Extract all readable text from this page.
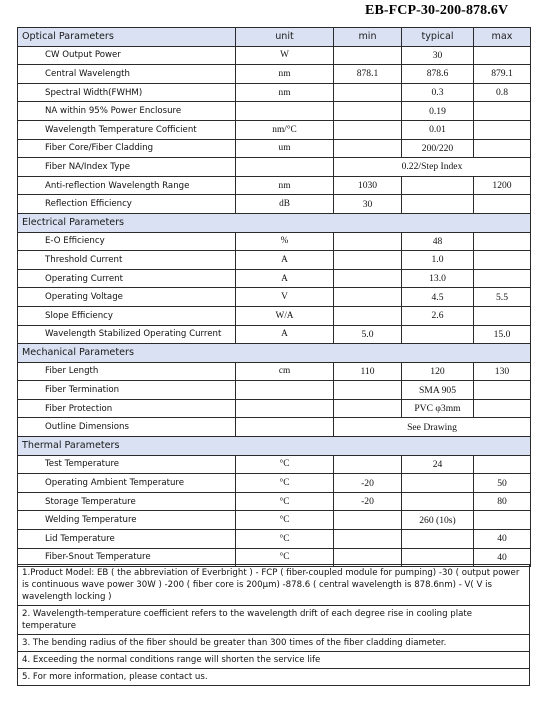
EB-FCP-30-200-878.6V
Optical Parameters	unit	min	typical	max
CW Output Power	W		30	
Central Wavelength	nm	878.1	878.6	879.1
Spectral Width(FWHM)	nm		0.3	0.8
NA within 95% Power Enclosure			0.19	
Wavelength Temperature Cofficient	nm/°C		0.01	
Fiber Core/Fiber Cladding	um		200/220	
Fiber NA/Index Type		0.22/Step Index		
Anti-reflection Wavelength Range	nm	1030		1200
Reflection Efficiency	dB	30		
Electrical Parameters				
E-O Efficiency	%		48	
Threshold Current	A		1.0	
Operating Current	A		13.0	
Operating Voltage	V		4.5	5.5
Slope Efficiency	W/A		2.6	
Wavelength Stabilized Operating Current	A	5.0		15.0
Mechanical Parameters				
Fiber Length	cm	110	120	130
Fiber Termination			SMA 905	
Fiber Protection			PVC φ3mm	
Outline Dimensions		See Drawing		
Thermal Parameters				
Test Temperature	°C		24	
Operating Ambient Temperature	°C	-20		50
Storage Temperature	°C	-20		80
Welding Temperature	°C		260 (10s)	
Lid Temperature	°C			40
Fiber-Snout Temperature	°C			40
1.Product Model: EB ( the abbreviation of Everbright ) - FCP ( fiber-coupled module for pumping) -30 ( output power is continuous wave power 30W ) -200 ( fiber core is 200μm) -878.6 ( central wavelength is 878.6nm) - V( V is wavelength locking )
2. Wavelength-temperature coefficient refers to the wavelength drift of each degree rise in cooling plate temperature
3. The bending radius of the fiber should be greater than 300 times of the fiber cladding diameter.
4. Exceeding the normal conditions range will shorten the service life
5. For more information, please contact us.
